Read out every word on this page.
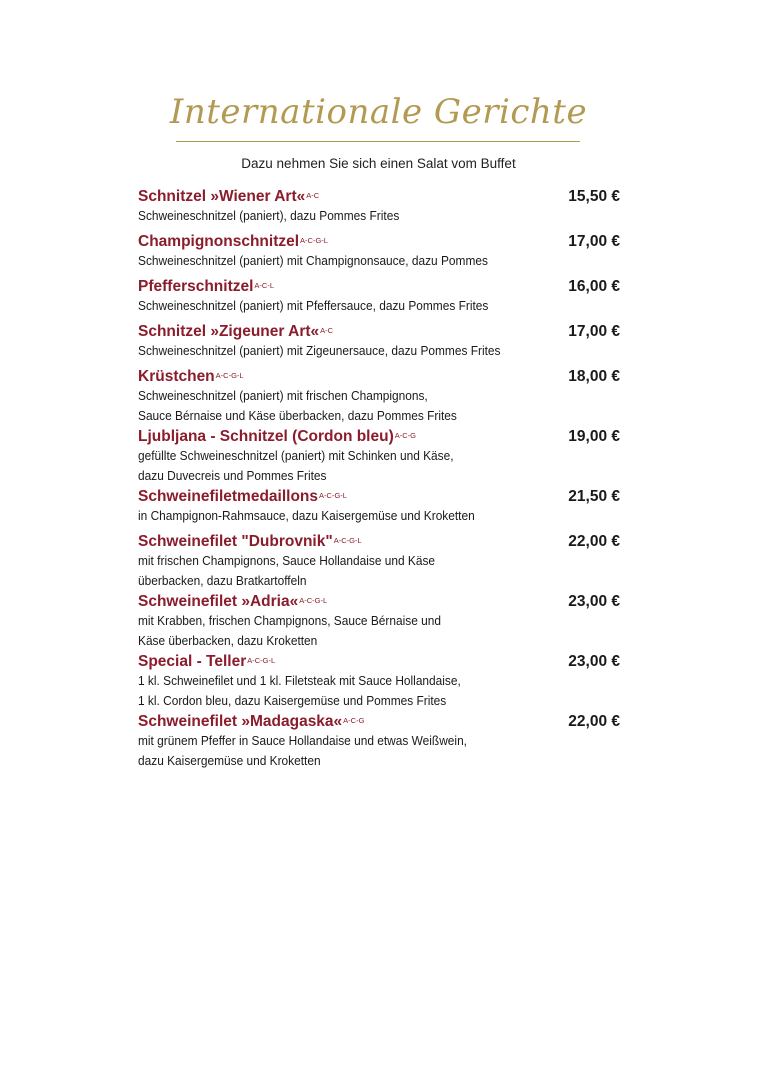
Internationale Gerichte
Dazu nehmen Sie sich einen Salat vom Buffet
Schnitzel »Wiener Art«$^{A-C}$	15,50 €
Schweineschnitzel (paniert), dazu Pommes Frites
Champignonschnitzel$^{A-C-G-L}$	17,00 €
Schweineschnitzel (paniert) mit Champignonsauce, dazu Pommes
Pfefferschnitzel$^{A-C-L}$	16,00 €
Schweineschnitzel (paniert) mit Pfeffersauce, dazu Pommes Frites
Schnitzel »Zigeuner Art«$^{A-C}$	17,00 €
Schweineschnitzel (paniert) mit Zigeunersauce, dazu Pommes Frites
Krüstchen$^{A-C-G-L}$	18,00 €
Schweineschnitzel (paniert) mit frischen Champignons,
Sauce Bérnaise und Käse überbacken, dazu Pommes Frites
Ljubljana - Schnitzel (Cordon bleu)$^{A-C-G}$	19,00 €
gefüllte Schweineschnitzel (paniert) mit Schinken und Käse,
dazu Duvecreis und Pommes Frites
Schweinefiletmedaillons$^{A-C-G-L}$	21,50 €
in Champignon-Rahmsauce, dazu Kaisergemüse und Kroketten
Schweinefilet "Dubrovnik"$^{A-C-G-L}$	22,00 €
mit frischen Champignons, Sauce Hollandaise und Käse
überbacken, dazu Bratkartoffeln
Schweinefilet »Adria«$^{A-C-G-L}$	23,00 €
mit Krabben, frischen Champignons, Sauce Bérnaise und
Käse überbacken, dazu Kroketten
Special - Teller$^{A-C-G-L}$	23,00 €
1 kl. Schweinefilet und 1 kl. Filetsteak mit Sauce Hollandaise,
1 kl. Cordon bleu, dazu Kaisergemüse und Pommes Frites
Schweinefilet »Madagaska«$^{A-C-G}$	22,00 €
mit grünem Pfeffer in Sauce Hollandaise und etwas Weißwein,
dazu Kaisergemüse und Kroketten
